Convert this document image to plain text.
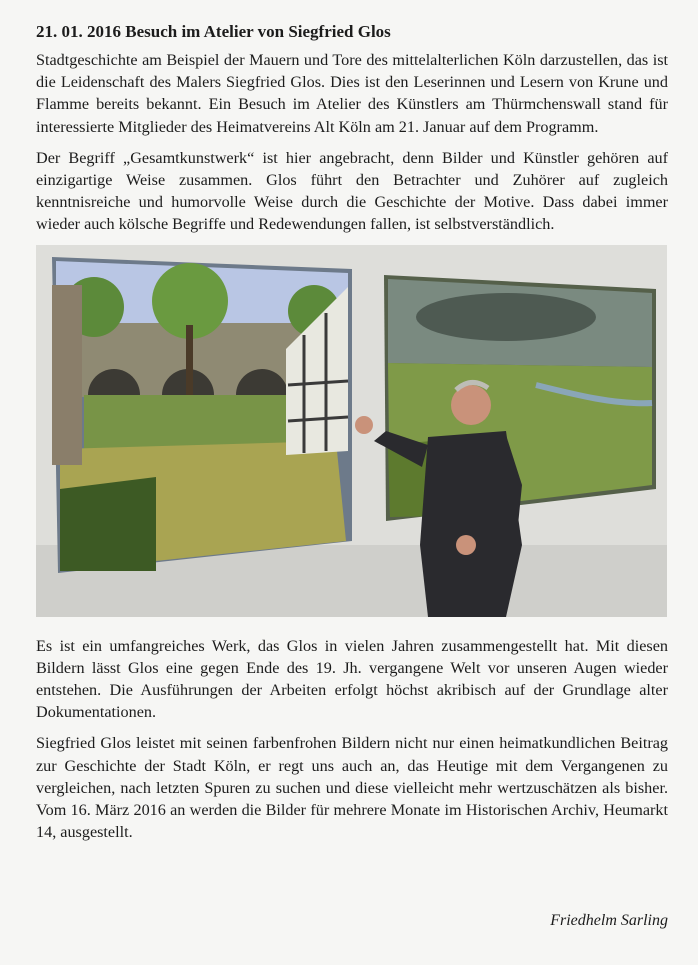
21. 01. 2016 Besuch im Atelier von Siegfried Glos

Stadtgeschichte am Beispiel der Mauern und Tore des mittelalterlichen Köln darzustellen, das ist die Leidenschaft des Malers Siegfried Glos. Dies ist den Leserinnen und Lesern von Krune und Flamme bereits bekannt. Ein Besuch im Atelier des Künstlers am Thürmchenswall stand für interessierte Mitglieder des Heimatvereins Alt Köln am 21. Januar auf dem Programm.

Der Begriff „Gesamtkunstwerk“ ist hier angebracht, denn Bilder und Künstler gehören auf einzigartige Weise zusammen. Glos führt den Betrachter und Zuhörer auf zugleich kenntnisreiche und humorvolle Weise durch die Geschichte der Motive. Dass dabei immer wieder auch kölsche Begriffe und Redewendungen fallen, ist selbstverständlich.

Es ist ein umfangreiches Werk, das Glos in vielen Jahren zusammengestellt hat. Mit diesen Bildern lässt Glos eine gegen Ende des 19. Jh. vergangene Welt vor unseren Augen wieder entstehen. Die Ausführungen der Arbeiten erfolgt höchst akribisch auf der Grundlage alter Dokumentationen.

Siegfried Glos leistet mit seinen farbenfrohen Bildern nicht nur einen heimatkundlichen Beitrag zur Geschichte der Stadt Köln, er regt uns auch an, das Heutige mit dem Vergangenen zu vergleichen, nach letzten Spuren zu suchen und diese vielleicht mehr wertzuschätzen als bisher. Vom 16. März 2016 an werden die Bilder für mehrere Monate im Historischen Archiv, Heumarkt 14, ausgestellt.

Friedhelm Sarling
